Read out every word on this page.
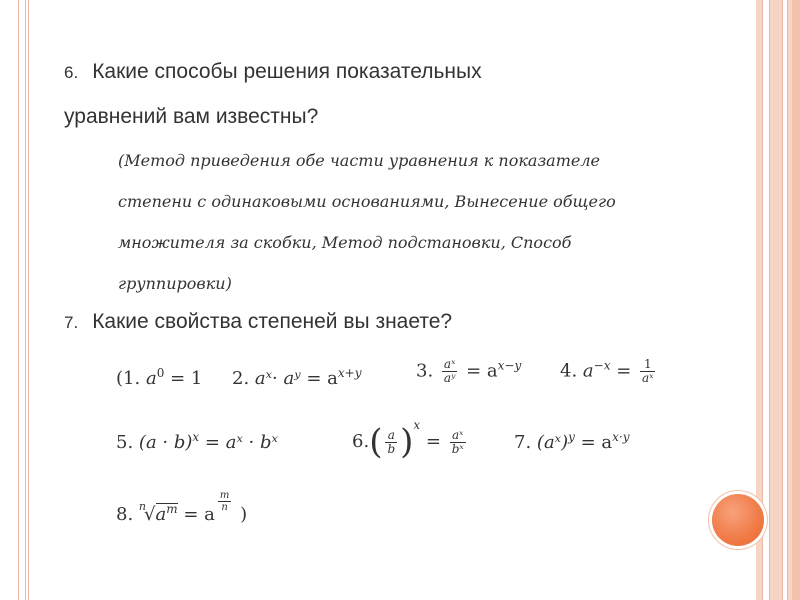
6. Какие способы решения показательных
уравнений вам известны?
(Метод приведения обе части уравнения к показателе
степени с одинаковыми основаниями, Вынесение общего
множителя за скобки, Метод подстановки, Способ
группировки)
7. Какие свойства степеней вы знаете?
(1. $a^0 = 1$ 2. aˣ· aʸ = $a^{x+y}$	3. $\frac{\text{aˣ}}{\text{aʸ}} = a^{x-y}$ 4. $a^{-x} = \frac{1}{\text{aˣ}}$
5. $(a \cdot b)^x$ = aˣ · bˣ	$6.( \frac{a}{b} )^x = \frac{\text{aˣ}}{\text{bˣ}}$	7. (aˣ)$^y$ = $a^{x\cdot y}$
8. $^n√a^m = a$
$\frac{m}{n}$
)
